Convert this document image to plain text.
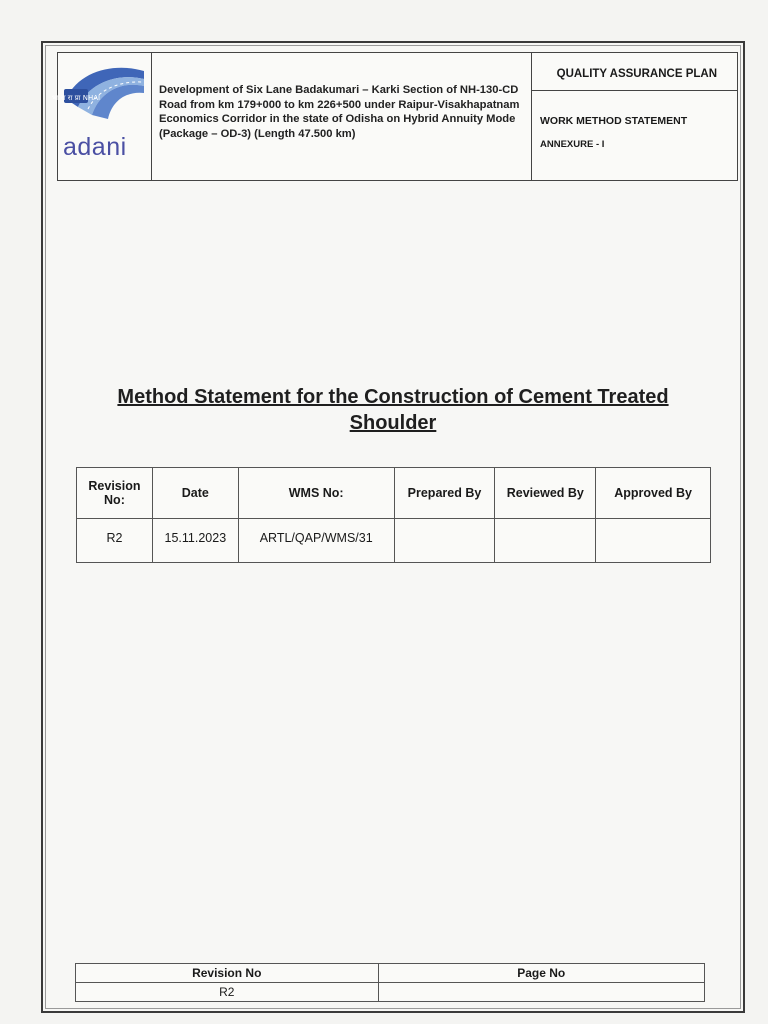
भा रा रा प्रा NHAI
adani
Development of Six Lane Badakumari – Karki Section of NH-130-CD Road from km 179+000 to km 226+500 under Raipur-Visakhapatnam Economics Corridor in the state of Odisha on Hybrid Annuity Mode (Package – OD-3) (Length 47.500 km)
QUALITY ASSURANCE PLAN
WORK METHOD STATEMENT
ANNEXURE - I
Method Statement for the Construction of Cement Treated
Shoulder
Revision No:	Date	WMS No:	Prepared By	Reviewed By	Approved By
R2	15.11.2023	ARTL/QAP/WMS/31			
Revision No	Page No
R2	
